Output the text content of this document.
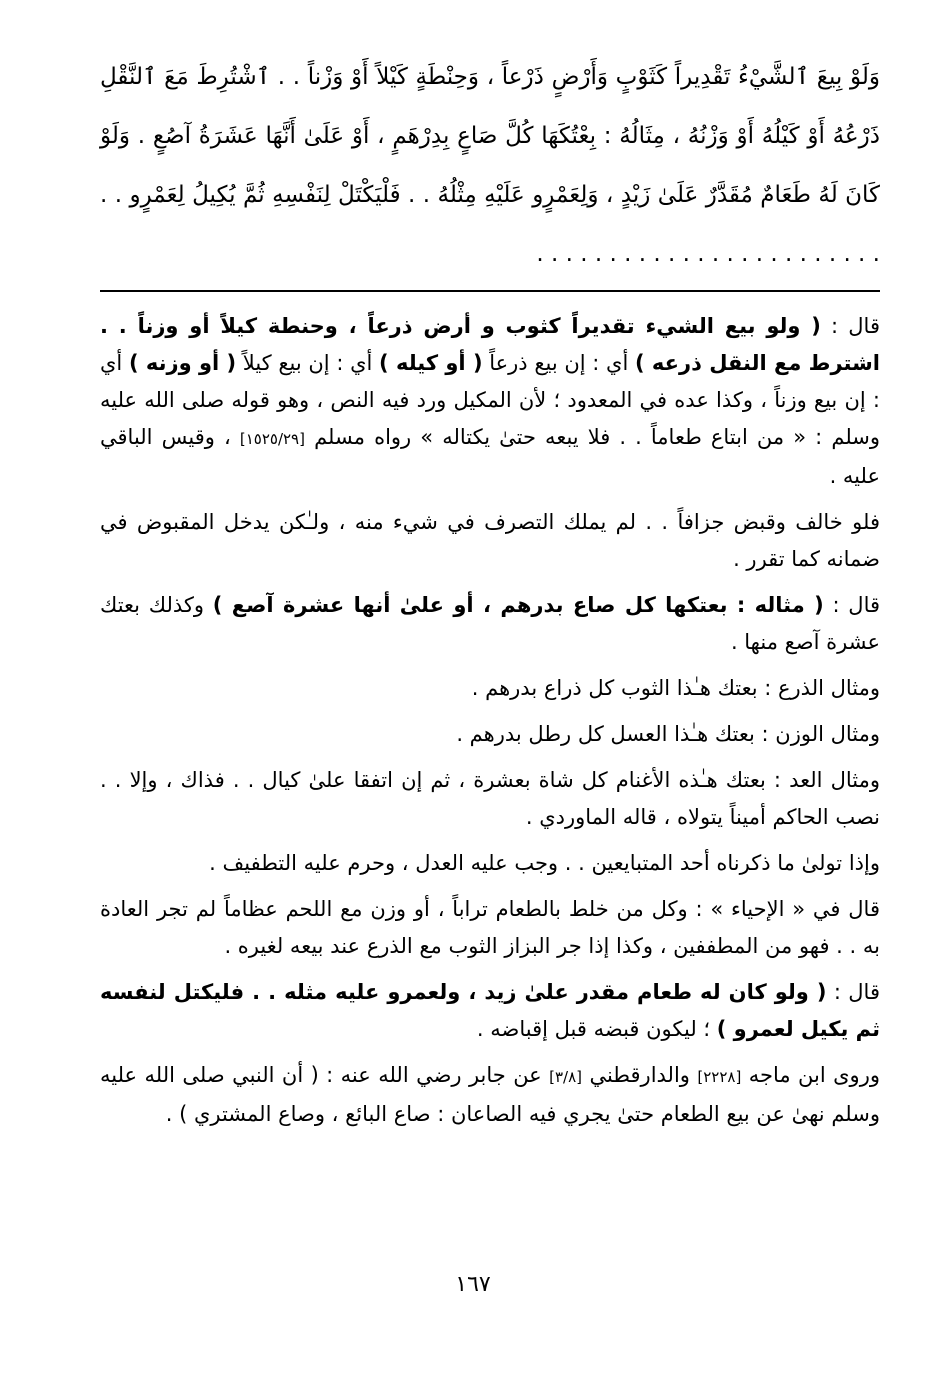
وَلَوْ بِيعَ ٱلشَّيْءُ تَقْدِيراً كَثَوْبٍ وَأَرْضٍ ذَرْعاً ، وَحِنْطَةٍ كَيْلاً أَوْ وَزْناً . . ٱشْتُرِطَ مَعَ ٱلنَّقْلِ ذَرْعُهُ أَوْ كَيْلُهُ أَوْ وَزْنُهُ ، مِثَالُهُ : بِعْتُكَهَا كُلَّ صَاعٍ بِدِرْهَمٍ ، أَوْ عَلَىٰ أَنَّهَا عَشَرَةُ آصُعٍ . وَلَوْ كَانَ لَهُ طَعَامٌ مُقَدَّرٌ عَلَىٰ زَيْدٍ ، وَلِعَمْرٍو عَلَيْهِ مِثْلُهُ . . فَلْيَكْتَلْ لِنَفْسِهِ ثُمَّ يُكِيلُ لِعَمْرٍو . . . . . . . . . . . . . . . . . . . . . . . . . .

قال : ( ولو بيع الشيء تقديراً كثوب و أرض ذرعاً ، وحنطة كيلاً أو وزناً . . اشترط مع النقل ذرعه ) أي : إن بيع ذرعاً ( أو كيله ) أي : إن بيع كيلاً ( أو وزنه ) أي : إن بيع وزناً ، وكذا عده في المعدود ؛ لأن المكيل ورد فيه النص ، وهو قوله صلى الله عليه وسلم : « من ابتاع طعاماً . . فلا يبعه حتىٰ يكتاله » رواه مسلم [١٥٢٥/٢٩] ، وقيس الباقي عليه .

فلو خالف وقبض جزافاً . . لم يملك التصرف في شيء منه ، ولـٰكن يدخل المقبوض في ضمانه كما تقرر .

قال : ( مثاله : بعتكها كل صاع بدرهم ، أو علىٰ أنها عشرة آصع ) وكذلك بعتك عشرة آصع منها .

ومثال الذرع : بعتك هـٰذا الثوب كل ذراع بدرهم .

ومثال الوزن : بعتك هـٰذا العسل كل رطل بدرهم .

ومثال العد : بعتك هـٰذه الأغنام كل شاة بعشرة ، ثم إن اتفقا علىٰ كيال . . فذاك ، وإلا . . نصب الحاكم أميناً يتولاه ، قاله الماوردي .

وإذا تولىٰ ما ذكرناه أحد المتبايعين . . وجب عليه العدل ، وحرم عليه التطفيف .

قال في « الإحياء » : وكل من خلط بالطعام تراباً ، أو وزن مع اللحم عظاماً لم تجر العادة به . . فهو من المطففين ، وكذا إذا جر البزاز الثوب مع الذرع عند بيعه لغيره .

قال : ( ولو كان له طعام مقدر علىٰ زيد ، ولعمرو عليه مثله . . فليكتل لنفسه ثم يكيل لعمرو ) ؛ ليكون قبضه قبل إقباضه .

وروى ابن ماجه [٢٢٢٨] والدارقطني [٣/٨] عن جابر رضي الله عنه : ( أن النبي صلى الله عليه وسلم نهىٰ عن بيع الطعام حتىٰ يجري فيه الصاعان : صاع البائع ، وصاع المشتري ) .

١٦٧
